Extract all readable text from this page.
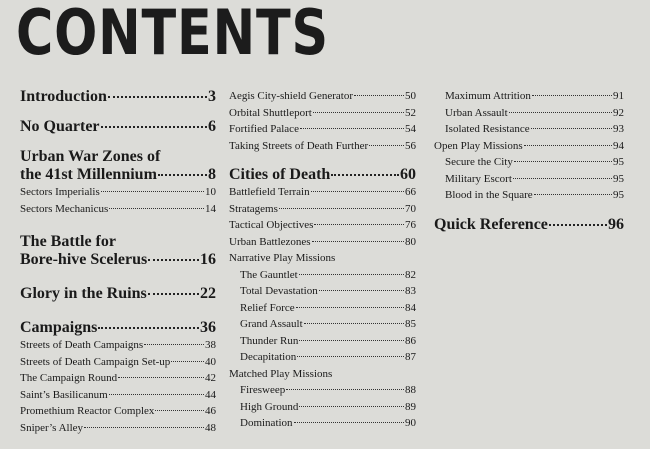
CONTENTS
Introduction	3
No Quarter	6
Urban War Zones of
the 41st Millennium	8
Sectors Imperialis	10
Sectors Mechanicus	14
The Battle for
Bore-hive Scelerus	16
Glory in the Ruins	22
Campaigns	36
Streets of Death Campaigns	38
Streets of Death Campaign Set-up	40
The Campaign Round	42
Saint’s Basilicanum	44
Promethium Reactor Complex	46
Sniper’s Alley	48
Aegis City-shield Generator	50
Orbital Shuttleport	52
Fortified Palace	54
Taking Streets of Death Further	56
Cities of Death	60
Battlefield Terrain	66
Stratagems	70
Tactical Objectives	76
Urban Battlezones	80
Narrative Play Missions
The Gauntlet	82
Total Devastation	83
Relief Force	84
Grand Assault	85
Thunder Run	86
Decapitation	87
Matched Play Missions
Firesweep	88
High Ground	89
Domination	90
Maximum Attrition	91
Urban Assault	92
Isolated Resistance	93
Open Play Missions	94
Secure the City	95
Military Escort	95
Blood in the Square	95
Quick Reference	96
